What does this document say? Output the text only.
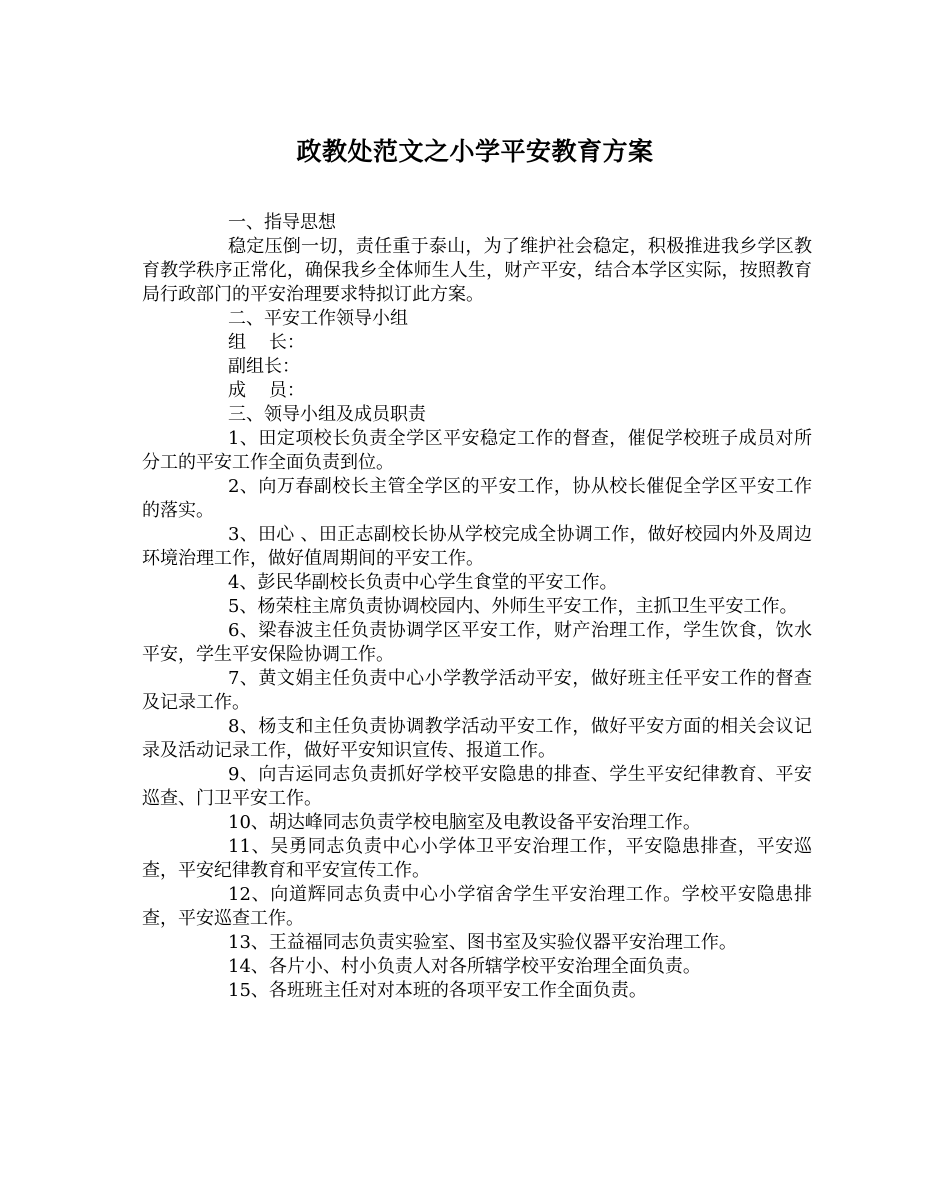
政教处范文之小学平安教育方案

一、指导思想

稳定压倒一切，责任重于泰山，为了维护社会稳定，积极推进我乡学区教育教学秩序正常化，确保我乡全体师生人生，财产平安，结合本学区实际，按照教育局行政部门的平安治理要求特拟订此方案。

二、平安工作领导小组

组    长：

副组长：

成    员：

三、领导小组及成员职责

1、田定项校长负责全学区平安稳定工作的督查，催促学校班子成员对所分工的平安工作全面负责到位。

2、向万春副校长主管全学区的平安工作，协从校长催促全学区平安工作的落实。

3、田心 、田正志副校长协从学校完成全协调工作，做好校园内外及周边环境治理工作，做好值周期间的平安工作。

4、彭民华副校长负责中心学生食堂的平安工作。

5、杨荣柱主席负责协调校园内、外师生平安工作，主抓卫生平安工作。

6、梁春波主任负责协调学区平安工作，财产治理工作，学生饮食，饮水平安，学生平安保险协调工作。

7、黄文娟主任负责中心小学教学活动平安，做好班主任平安工作的督查及记录工作。

8、杨支和主任负责协调教学活动平安工作，做好平安方面的相关会议记录及活动记录工作，做好平安知识宣传、报道工作。

9、向吉运同志负责抓好学校平安隐患的排查、学生平安纪律教育、平安巡查、门卫平安工作。

10、胡达峰同志负责学校电脑室及电教设备平安治理工作。

11、吴勇同志负责中心小学体卫平安治理工作，平安隐患排查，平安巡查，平安纪律教育和平安宣传工作。

12、向道辉同志负责中心小学宿舍学生平安治理工作。学校平安隐患排查，平安巡查工作。

13、王益福同志负责实验室、图书室及实验仪器平安治理工作。

14、各片小、村小负责人对各所辖学校平安治理全面负责。

15、各班班主任对对本班的各项平安工作全面负责。
